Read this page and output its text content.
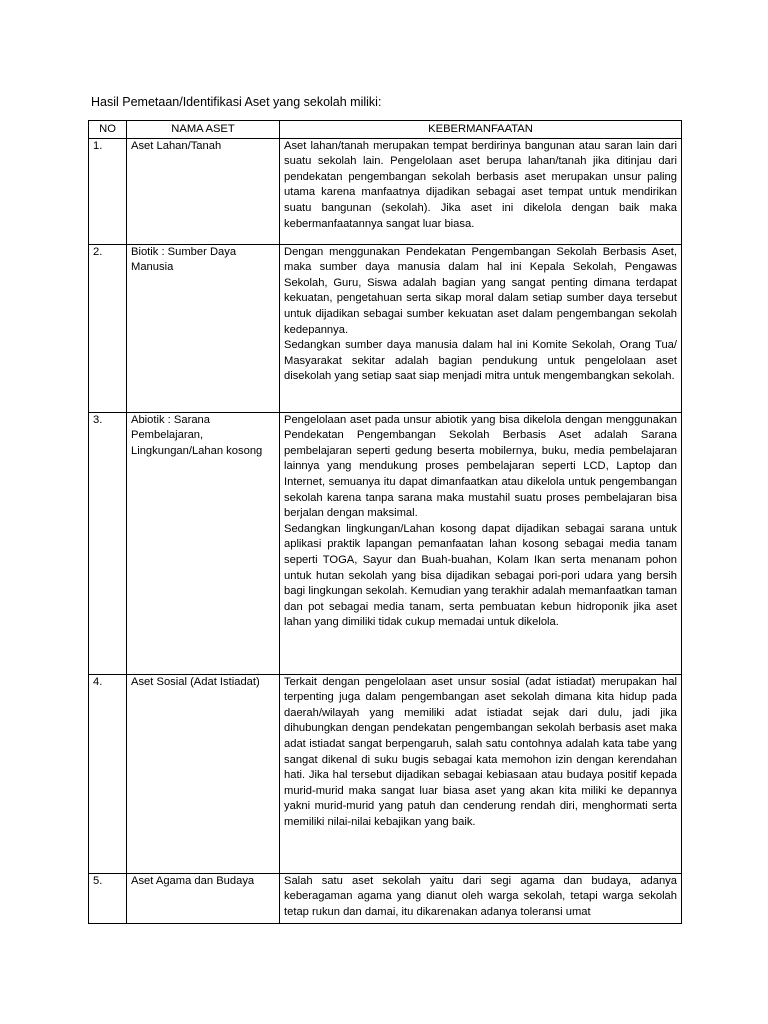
Hasil Pemetaan/Identifikasi Aset yang sekolah miliki:
NO	NAMA ASET	KEBERMANFAATAN
1.	Aset Lahan/Tanah	Aset lahan/tanah merupakan tempat berdirinya bangunan atau saran lain dari suatu sekolah lain. Pengelolaan aset berupa lahan/tanah jika ditinjau dari pendekatan pengembangan sekolah berbasis aset merupakan unsur paling utama karena manfaatnya dijadikan sebagai aset tempat untuk mendirikan suatu bangunan (sekolah). Jika aset ini dikelola dengan baik maka kebermanfaatannya sangat luar biasa.

2.	Biotik : Sumber Daya Manusia	Dengan menggunakan Pendekatan Pengembangan Sekolah Berbasis Aset, maka sumber daya manusia dalam hal ini Kepala Sekolah, Pengawas Sekolah, Guru, Siswa adalah bagian yang sangat penting dimana terdapat kekuatan, pengetahuan serta sikap moral dalam setiap sumber daya tersebut untuk dijadikan sebagai sumber kekuatan aset dalam pengembangan sekolah kedepannya.

Sedangkan sumber daya manusia dalam hal ini Komite Sekolah, Orang Tua/ Masyarakat sekitar adalah bagian pendukung untuk pengelolaan aset disekolah yang setiap saat siap menjadi mitra untuk mengembangkan sekolah.

3.	Abiotik : Sarana Pembelajaran, Lingkungan/Lahan kosong	Pengelolaan aset pada unsur abiotik yang bisa dikelola dengan menggunakan Pendekatan Pengembangan Sekolah Berbasis Aset adalah Sarana pembelajaran seperti gedung beserta mobilernya, buku, media pembelajaran lainnya yang mendukung proses pembelajaran seperti LCD, Laptop dan Internet, semuanya itu dapat dimanfaatkan atau dikelola untuk pengembangan sekolah karena tanpa sarana maka mustahil suatu proses pembelajaran bisa berjalan dengan maksimal.

Sedangkan lingkungan/Lahan kosong dapat dijadikan sebagai sarana untuk aplikasi praktik lapangan pemanfaatan lahan kosong sebagai media tanam seperti TOGA, Sayur dan Buah-buahan, Kolam Ikan serta menanam pohon untuk hutan sekolah yang bisa dijadikan sebagai pori-pori udara yang bersih bagi lingkungan sekolah. Kemudian yang terakhir adalah memanfaatkan taman dan pot sebagai media tanam, serta pembuatan kebun hidroponik jika aset lahan yang dimiliki tidak cukup memadai untuk dikelola.

4.	Aset Sosial (Adat Istiadat)	Terkait dengan pengelolaan aset unsur sosial (adat istiadat) merupakan hal terpenting juga dalam pengembangan aset sekolah dimana kita hidup pada daerah/wilayah yang memiliki adat istiadat sejak dari dulu, jadi jika dihubungkan dengan pendekatan pengembangan sekolah berbasis aset maka adat istiadat sangat berpengaruh, salah satu contohnya adalah kata tabe yang sangat dikenal di suku bugis sebagai kata memohon izin dengan kerendahan hati. Jika hal tersebut dijadikan sebagai kebiasaan atau budaya positif kepada murid-murid maka sangat luar biasa aset yang akan kita miliki ke depannya yakni murid-murid yang patuh dan cenderung rendah diri, menghormati serta memiliki nilai-nilai kebajikan yang baik.

5.	Aset Agama dan Budaya	Salah satu aset sekolah yaitu dari segi agama dan budaya, adanya keberagaman agama yang dianut oleh warga sekolah, tetapi warga sekolah tetap rukun dan damai, itu dikarenakan adanya toleransi umat
